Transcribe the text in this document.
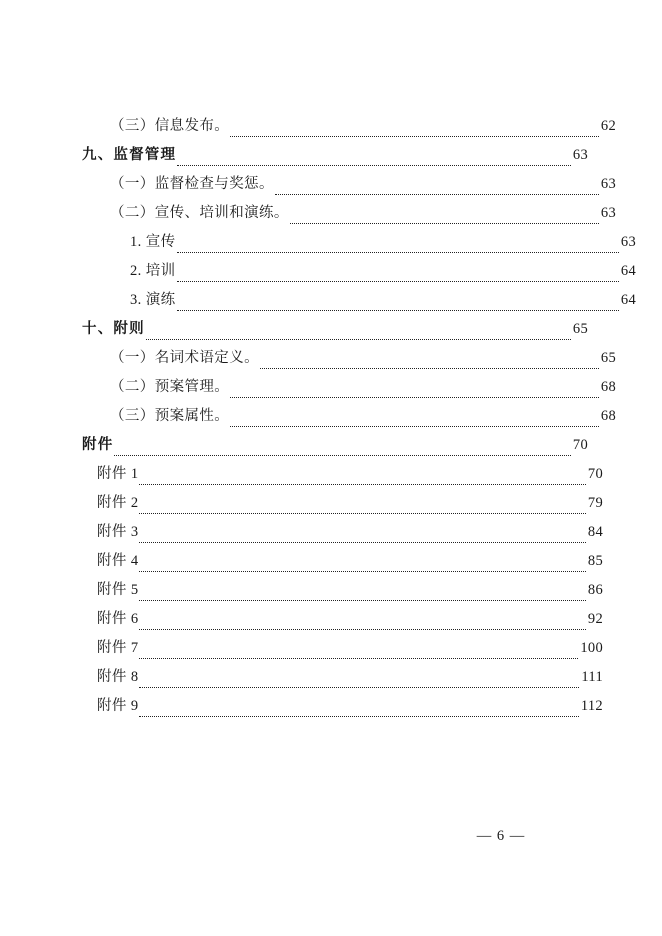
（三）信息发布。	62
九、监督管理	63
（一）监督检查与奖惩。	63
（二）宣传、培训和演练。	63
1. 宣传	63
2. 培训	64
3. 演练	64
十、附则	65
（一）名词术语定义。	65
（二）预案管理。	68
（三）预案属性。	68
附件	70
附件 1	70
附件 2	79
附件 3	84
附件 4	85
附件 5	86
附件 6	92
附件 7	100
附件 8	111
附件 9	112
— 6 —
